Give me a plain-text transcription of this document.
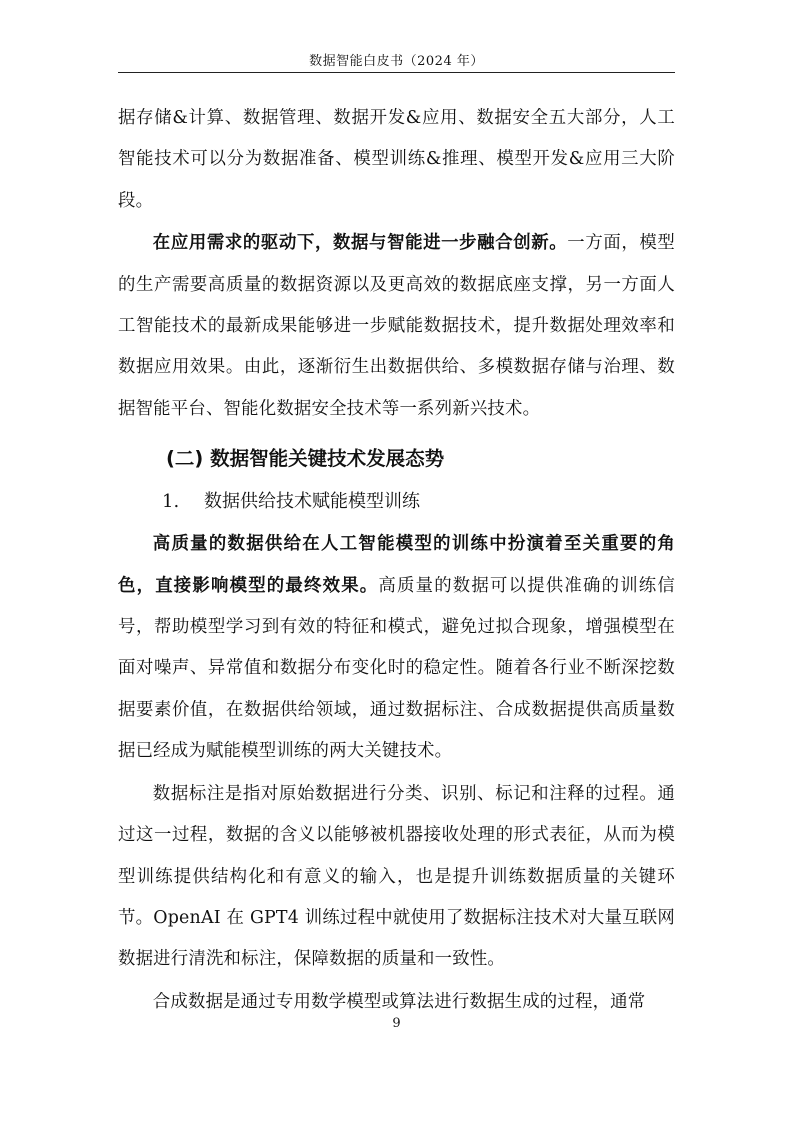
数据智能白皮书（2024 年）

据存储&计算、数据管理、数据开发&应用、数据安全五大部分，人工智能技术可以分为数据准备、模型训练&推理、模型开发&应用三大阶段。

在应用需求的驱动下，数据与智能进一步融合创新。一方面，模型的生产需要高质量的数据资源以及更高效的数据底座支撑，另一方面人工智能技术的最新成果能够进一步赋能数据技术，提升数据处理效率和数据应用效果。由此，逐渐衍生出数据供给、多模数据存储与治理、数据智能平台、智能化数据安全技术等一系列新兴技术。

(二) 数据智能关键技术发展态势
1. 数据供给技术赋能模型训练

高质量的数据供给在人工智能模型的训练中扮演着至关重要的角色，直接影响模型的最终效果。高质量的数据可以提供准确的训练信号，帮助模型学习到有效的特征和模式，避免过拟合现象，增强模型在面对噪声、异常值和数据分布变化时的稳定性。随着各行业不断深挖数据要素价值，在数据供给领域，通过数据标注、合成数据提供高质量数据已经成为赋能模型训练的两大关键技术。

数据标注是指对原始数据进行分类、识别、标记和注释的过程。通过这一过程，数据的含义以能够被机器接收处理的形式表征，从而为模型训练提供结构化和有意义的输入，也是提升训练数据质量的关键环节。OpenAI 在 GPT4 训练过程中就使用了数据标注技术对大量互联网数据进行清洗和标注，保障数据的质量和一致性。

合成数据是通过专用数学模型或算法进行数据生成的过程，通常

9
